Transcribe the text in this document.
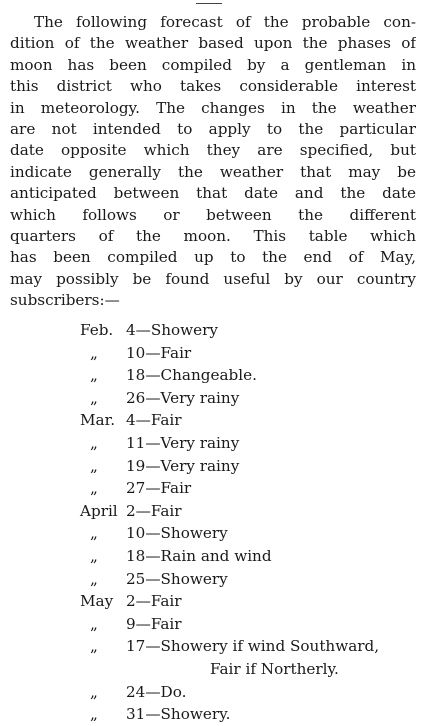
The following forecast of the probable con-
dition of the weather based upon the phases of
moon has been compiled by a gentleman in
this district who takes considerable interest
in meteorology. The changes in the weather
are not intended to apply to the particular
date opposite which they are specified, but
indicate generally the weather that may be
anticipated between that date and the date
which follows or between the different
quarters of the moon. This table which
has been compiled up to the end of May,
may possibly be found useful by our country
subscribers:—
Feb. 4—Showery
„ 10—Fair
„ 18—Changeable.
„ 26—Very rainy
Mar. 4—Fair
„ 11—Very rainy
„ 19—Very rainy
„ 27—Fair
April 2—Fair
„ 10—Showery
„ 18—Rain and wind
„ 25—Showery
May 2—Fair
„ 9—Fair
„ 17—Showery if wind Southward,
Fair if Northerly.
„ 24—Do.
„ 31—Showery.
